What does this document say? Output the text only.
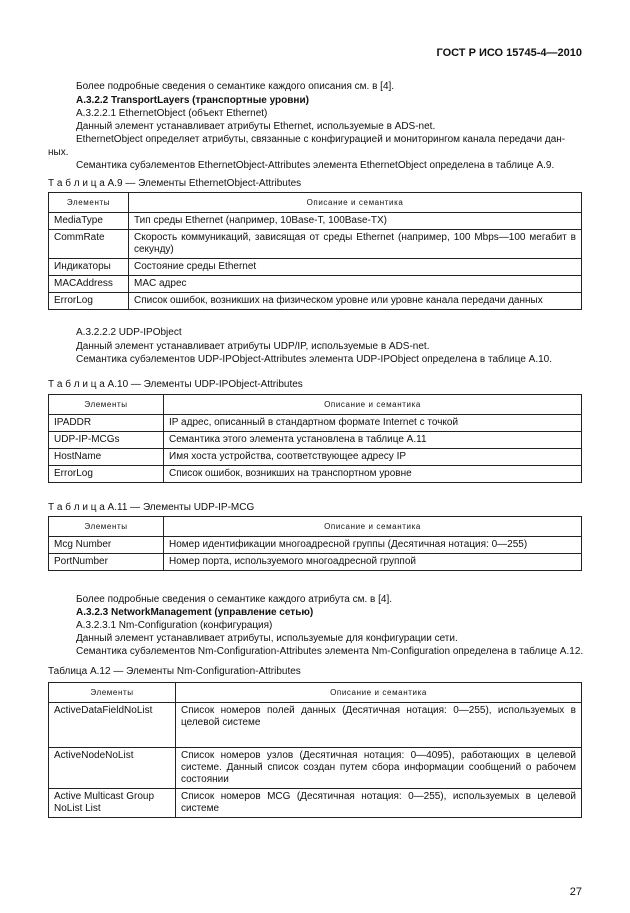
ГОСТ Р ИСО 15745-4—2010
Более подробные сведения о семантике каждого описания см. в [4].
A.3.2.2 TransportLayers (транспортные уровни)
A.3.2.2.1 EthernetObject (объект Ethernet)
Данный элемент устанавливает атрибуты Ethernet, используемые в ADS-net.
EthernetObject определяет атрибуты, связанные с конфигурацией и мониторингом канала передачи дан-
ных.
Семантика субэлементов EthernetObject-Attributes элемента EthernetObject определена в таблице A.9.
Т а б л и ц а A.9 — Элементы EthernetObject-Attributes
Элементы	Описание и семантика
MediaType	Тип среды Ethernet (например, 10Base-T, 100Base-TX)
CommRate	Скорость коммуникаций, зависящая от среды Ethernet (например, 100 Mbps—100 мегабит в секунду)
Индикаторы	Состояние среды Ethernet
MACAddress	MAC адрес
ErrorLog	Список ошибок, возникших на физическом уровне или уровне канала передачи данных
A.3.2.2.2 UDP-IPObject
Данный элемент устанавливает атрибуты UDP/IP, используемые в ADS-net.
Семантика субэлементов UDP-IPObject-Attributes элемента UDP-IPObject определена в таблице A.10.
Т а б л и ц а A.10 — Элементы UDP-IPObject-Attributes
Элементы	Описание и семантика
IPADDR	IP адрес, описанный в стандартном формате Internet с точкой
UDP-IP-MCGs	Семантика этого элемента установлена в таблице A.11
HostName	Имя хоста устройства, соответствующее адресу IP
ErrorLog	Список ошибок, возникших на транспортном уровне
Т а б л и ц а A.11 — Элементы UDP-IP-MCG
Элементы	Описание и семантика
Mcg Number	Номер идентификации многоадресной группы (Десятичная нотация: 0—255)
PortNumber	Номер порта, используемого многоадресной группой
Более подробные сведения о семантике каждого атрибута см. в [4].
A.3.2.3 NetworkManagement (управление сетью)
A.3.2.3.1 Nm-Configuration (конфигурация)
Данный элемент устанавливает атрибуты, используемые для конфигурации сети.
Семантика субэлементов Nm-Configuration-Attributes элемента Nm-Configuration определена в таблице A.12.
Таблица A.12 — Элементы Nm-Configuration-Attributes
Элементы	Описание и семантика
ActiveDataFieldNoList	Список номеров полей данных (Десятичная нотация: 0—255), используемых в целевой системе
ActiveNodeNoList	Список номеров узлов (Десятичная нотация: 0—4095), работающих в целевой системе. Данный список создан путем сбора информации сообщений о рабочем состоянии
Active Multicast Group NoList List	Список номеров MCG (Десятичная нотация: 0—255), используемых в целевой системе
27
